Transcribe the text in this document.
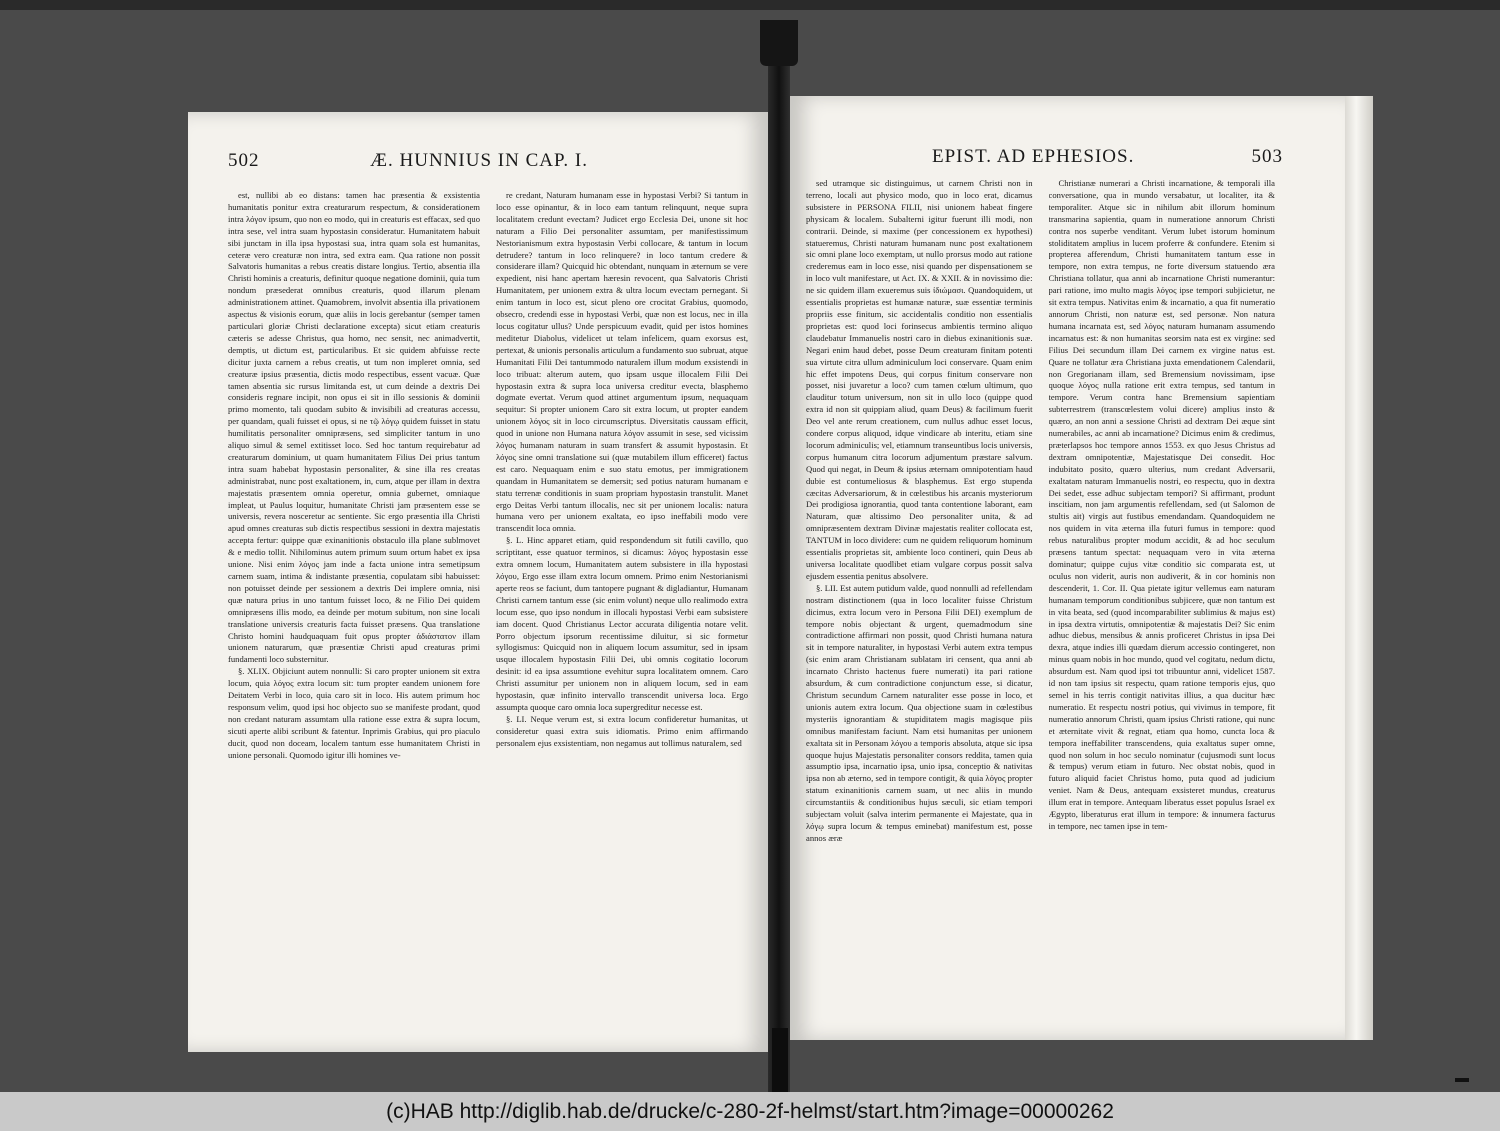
502	Æ. HUNNIUS IN CAP. I.

est, nullibi ab eo distans: tamen hac præsentia & exsistentia humanitatis ponitur extra creaturarum respectum, & considerationem intra λόγον ipsum, quo non eo modo, qui in creaturis est effacax, sed quo intra sese, vel intra suam hypostasin consideratur. Humanitatem habuit sibi junctam in illa ipsa hypostasi sua, intra quam sola est humanitas, ceteræ vero creaturæ non intra, sed extra eam. Qua ratione non possit Salvatoris humanitas a rebus creatis distare longius. Tertio, absentia illa Christi hominis a creaturis, definitur quoque negatione dominii, quia tum nondum præsederat omnibus creaturis, quod illarum plenam administrationem attinet. Quamobrem, involvit absentia illa privationem aspectus & visionis eorum, quæ aliis in locis gerebantur (semper tamen particulari gloriæ Christi declaratione excepta) sicut etiam creaturis cæteris se adesse Christus, qua homo, nec sensit, nec animadvertit, demptis, ut dictum est, particularibus. Et sic quidem abfuisse recte dicitur juxta carnem a rebus creatis, ut tum non impleret omnia, sed creaturæ ipsius præsentia, dictis modo respectibus, essent vacuæ. Quæ tamen absentia sic rursus limitanda est, ut cum deinde a dextris Dei consideris regnare incipit, non opus ei sit in illo sessionis & dominii primo momento, tali quodam subito & invisibili ad creaturas accessu, per quandam, quali fuisset ei opus, si ne τῷ λόγῳ quidem fuisset in statu humilitatis personaliter omnipræsens, sed simpliciter tantum in uno aliquo simul & semel extitisset loco. Sed hoc tantum requirebatur ad creaturarum dominium, ut quam humanitatem Filius Dei prius tantum intra suam habebat hypostasin personaliter, & sine illa res creatas administrabat, nunc post exaltationem, in, cum, atque per illam in dextra majestatis præsentem omnia operetur, omnia gubernet, omniaque impleat, ut Paulus loquitur, humanitate Christi jam præsentem esse se universis, revera nosceretur ac sentiente. Sic ergo præsentia illa Christi apud omnes creaturas sub dictis respectibus sessioni in dextra majestatis accepta fertur: quippe quæ exinanitionis obstaculo illa plane sublmovet & e medio tollit. Nihilominus autem primum suum ortum habet ex ipsa unione. Nisi enim λόγος jam inde a facta unione intra semetipsum carnem suam, intima & indistante præsentia, copulatam sibi habuisset: non potuisset deinde per sessionem a dextris Dei implere omnia, nisi quæ natura prius in uno tantum fuisset loco, & ne Filio Dei quidem omnipræsens illis modo, ea deinde per motum subitum, non sine locali translatione universis creaturis facta fuisset præsens. Qua translatione Christo homini haudquaquam fuit opus propter ἀδιάστατον illam unionem naturarum, quæ præsentiæ Christi apud creaturas primi fundamenti loco substernitur.

§. XLIX. Objiciunt autem nonnulli: Si caro propter unionem sit extra locum, quia λόγος extra locum sit: tum propter eandem unionem fore Deitatem Verbi in loco, quia caro sit in loco. His autem primum hoc responsum velim, quod ipsi hoc objecto suo se manifeste prodant, quod non credant naturam assumtam ulla ratione esse extra & supra locum, sicuti aperte alibi scribunt & fatentur. Inprimis Grabius, qui pro piaculo ducit, quod non doceam, localem tantum esse humanitatem Christi in unione personali. Quomodo igitur illi homines ve-

re credant, Naturam humanam esse in hypostasi Verbi? Si tantum in loco esse opinantur, & in loco eam tantum relinquunt, neque supra localitatem credunt evectam? Judicet ergo Ecclesia Dei, unone sit hoc naturam a Filio Dei personaliter assumtam, per manifestissimum Nestorianismum extra hypostasin Verbi collocare, & tantum in locum detrudere? tantum in loco relinquere? in loco tantum credere & considerare illam? Quicquid hic obtendant, nunquam in æternum se vere expedient, nisi hanc apertam hæresin revocent, qua Salvatoris Christi Humanitatem, per unionem extra & ultra locum evectam pernegant. Si enim tantum in loco est, sicut pleno ore crocitat Grabius, quomodo, obsecro, credendi esse in hypostasi Verbi, quæ non est locus, nec in illa locus cogitatur ullus? Unde perspicuum evadit, quid per istos homines meditetur Diabolus, videlicet ut telam infelicem, quam exorsus est, pertexat, & unionis personalis articulum a fundamento suo subruat, atque Humanitati Filii Dei tantummodo naturalem illum modum exsistendi in loco tribuat: alterum autem, quo ipsam usque illocalem Filii Dei hypostasin extra & supra loca universa creditur evecta, blasphemo dogmate evertat. Verum quod attinet argumentum ipsum, nequaquam sequitur: Si propter unionem Caro sit extra locum, ut propter eandem unionem λόγος sit in loco circumscriptus. Diversitatis caussam efficit, quod in unione non Humana natura λόγον assumit in sese, sed vicissim λόγος humanam naturam in suam transfert & assumit hypostasin. Et λόγος sine omni translatione sui (quæ mutabilem illum efficeret) factus est caro. Nequaquam enim e suo statu emotus, per immigrationem quandam in Humanitatem se demersit; sed potius naturam humanam e statu terrenæ conditionis in suam propriam hypostasin transtulit. Manet ergo Deitas Verbi tantum illocalis, nec sit per unionem localis: natura humana vero per unionem exaltata, eo ipso ineffabili modo vere transcendit loca omnia.

§. L. Hinc apparet etiam, quid respondendum sit futili cavillo, quo scriptitant, esse quatuor terminos, si dicamus: λόγος hypostasin esse extra omnem locum, Humanitatem autem subsistere in illa hypostasi λόγου, Ergo esse illam extra locum omnem. Primo enim Nestorianismi aperte reos se faciunt, dum tantopere pugnant & digladiantur, Humanam Christi carnem tantum esse (sic enim volunt) neque ullo realimodo extra locum esse, quo ipso nondum in illocali hypostasi Verbi eam subsistere iam docent. Quod Christianus Lector accurata diligentia notare velit. Porro objectum ipsorum recentissime diluitur, si sic formetur syllogismus: Quicquid non in aliquem locum assumitur, sed in ipsam usque illocalem hypostasin Filii Dei, ubi omnis cogitatio locorum desinit: id ea ipsa assumtione evehitur supra localitatem omnem. Caro Christi assumitur per unionem non in aliquem locum, sed in eam hypostasin, quæ infinito intervallo transcendit universa loca. Ergo assumpta quoque caro omnia loca supergreditur necesse est.

§. LI. Neque verum est, si extra locum confideretur humanitas, ut consideretur quasi extra suis idiomatis. Primo enim affirmando personalem ejus exsistentiam, non negamus aut tollimus naturalem, sed

EPIST. AD EPHESIOS.	503

sed utramque sic distinguimus, ut carnem Christi non in terreno, locali aut physico modo, quo in loco erat, dicamus subsistere in PERSONA FILII, nisi unionem habeat fingere physicam & localem. Subalterni igitur fuerunt illi modi, non contrarii. Deinde, si maxime (per concessionem ex hypothesi) statueremus, Christi naturam humanam nunc post exaltationem sic omni plane loco exemptam, ut nullo prorsus modo aut ratione crederemus eam in loco esse, nisi quando per dispensationem se in loco vult manifestare, ut Act. IX. & XXII. & in novissimo die: ne sic quidem illam exueremus suis ἰδιώμασι. Quandoquidem, ut essentialis proprietas est humanæ naturæ, suæ essentiæ terminis propriis esse finitum, sic accidentalis conditio non essentialis proprietas est: quod loci forinsecus ambientis termino aliquo claudebatur Immanuelis nostri caro in diebus exinanitionis suæ. Negari enim haud debet, posse Deum creaturam finitam potenti sua virtute citra ullum adminiculum loci conservare. Quam enim hic effet impotens Deus, qui corpus finitum conservare non posset, nisi juvaretur a loco? cum tamen cœlum ultimum, quo clauditur totum universum, non sit in ullo loco (quippe quod extra id non sit quippiam aliud, quam Deus) & facilimum fuerit Deo vel ante rerum creationem, cum nullus adhuc esset locus, condere corpus aliquod, idque vindicare ab interitu, etiam sine locorum adminiculis; vel, etiamnum transeuntibus locis universis, corpus humanum citra locorum adjumentum præstare salvum. Quod qui negat, in Deum & ipsius æternam omnipotentiam haud dubie est contumeliosus & blasphemus. Est ergo stupenda cæcitas Adversariorum, & in cœlestibus his arcanis mysteriorum Dei prodigiosa ignorantia, quod tanta contentione laborant, eam Naturam, quæ altissimo Deo personaliter unita, & ad omnipræsentem dextram Divinæ majestatis realiter collocata est, TANTUM in loco dividere: cum ne quidem reliquorum hominum essentialis proprietas sit, ambiente loco contineri, quin Deus ab universa localitate quodlibet etiam vulgare corpus possit salva ejusdem essentia penitus absolvere.

§. LII. Est autem putidum valde, quod nonnulli ad refellendam nostram distinctionem (qua in loco localiter fuisse Christum dicimus, extra locum vero in Persona Filii DEI) exemplum de tempore nobis objectant & urgent, quemadmodum sine contradictione affirmari non possit, quod Christi humana natura sit in tempore naturaliter, in hypostasi Verbi autem extra tempus (sic enim aram Christianam sublatam iri censent, qua anni ab incarnato Christo hactenus fuere numerati) ita pari ratione absurdum, & cum contradictione conjunctum esse, si dicatur, Christum secundum Carnem naturaliter esse posse in loco, et unionis autem extra locum. Qua objectione suam in cœlestibus mysteriis ignorantiam & stupiditatem magis magisque piis omnibus manifestam faciunt. Nam etsi humanitas per unionem exaltata sit in Personam λόγου a temporis absoluta, atque sic ipsa quoque hujus Majestatis personaliter consors reddita, tamen quia assumptio ipsa, incarnatio ipsa, unio ipsa, conceptio & nativitas ipsa non ab æterno, sed in tempore contigit, & quia λόγος propter statum exinanitionis carnem suam, ut nec aliis in mundo circumstantiis & conditionibus hujus sæculi, sic etiam tempori subjectam voluit (salva interim permanente ei Majestate, qua in λόγῳ supra locum & tempus eminebat) manifestum est, posse annos æræ

Christianæ numerari a Christi incarnatione, & temporali illa conversatione, qua in mundo versabatur, ut localiter, ita & temporaliter. Atque sic in nihilum abit illorum hominum transmarina sapientia, quam in numeratione annorum Christi contra nos superbe venditant. Verum lubet istorum hominum stoliditatem amplius in lucem proferre & confundere. Etenim si propterea afferendum, Christi humanitatem tantum esse in tempore, non extra tempus, ne forte diversum statuendo æra Christiana tollatur, qua anni ab incarnatione Christi numerantur: pari ratione, imo multo magis λόγος ipse tempori subjicietur, ne sit extra tempus. Nativitas enim & incarnatio, a qua fit numeratio annorum Christi, non naturæ est, sed personæ. Non natura humana incarnata est, sed λόγος naturam humanam assumendo incarnatus est: & non humanitas seorsim nata est ex virgine: sed Filius Dei secundum illam Dei carnem ex virgine natus est. Quare ne tollatur æra Christiana juxta emendationem Calendarii, non Gregorianam illam, sed Bremensium novissimam, ipse quoque λόγος nulla ratione erit extra tempus, sed tantum in tempore. Verum contra hanc Bremensium sapientiam subterrestrem (transcœlestem volui dicere) amplius insto & quæro, an non anni a sessione Christi ad dextram Dei æque sint numerabiles, ac anni ab incarnatione? Dicimus enim & credimus, præterlapsos hoc tempore annos 1553. ex quo Jesus Christus ad dextram omnipotentiæ, Majestatisque Dei consedit. Hoc indubitato posito, quæro ulterius, num credant Adversarii, exaltatam naturam Immanuelis nostri, eo respectu, quo in dextra Dei sedet, esse adhuc subjectam tempori? Si affirmant, produnt inscitiam, non jam argumentis refellendam, sed (ut Salomon de stultis ait) virgis aut fustibus emendandam. Quandoquidem ne nos quidem in vita æterna illa futuri fumus in tempore: quod rebus naturalibus propter modum accidit, & ad hoc seculum præsens tantum spectat: nequaquam vero in vita æterna dominatur; quippe cujus vitæ conditio sic comparata est, ut oculus non viderit, auris non audiverit, & in cor hominis non descenderit, 1. Cor. II. Qua pietate igitur vellemus eam naturam humanam temporum conditionibus subjicere, quæ non tantum est in vita beata, sed (quod incomparabiliter sublimius & majus est) in ipsa dextra virtutis, omnipotentiæ & majestatis Dei? Sic enim adhuc diebus, mensibus & annis proficeret Christus in ipsa Dei dexra, atque indies illi quædam dierum accessio contingeret, non minus quam nobis in hoc mundo, quod vel cogitatu, nedum dictu, absurdum est. Nam quod ipsi tot tribuuntur anni, videlicet 1587. id non tam ipsius sit respectu, quam ratione temporis ejus, quo semel in his terris contigit nativitas illius, a qua ducitur hæc numeratio. Et respectu nostri potius, qui vivimus in tempore, fit numeratio annorum Christi, quam ipsius Christi ratione, qui nunc et æternitate vivit & regnat, etiam qua homo, cuncta loca & tempora ineffabiliter transcendens, quia exaltatus super omne, quod non solum in hoc seculo nominatur (cujusmodi sunt locus & tempus) verum etiam in futuro. Nec obstat nobis, quod in futuro aliquid faciet Christus homo, puta quod ad judicium veniet. Nam & Deus, antequam exsisteret mundus, creaturus illum erat in tempore. Antequam liberatus esset populus Israel ex Ægypto, liberaturus erat illum in tempore: & innumera facturus in tempore, nec tamen ipse in tem-

(c)HAB http://diglib.hab.de/drucke/c-280-2f-helmst/start.htm?image=00000262
